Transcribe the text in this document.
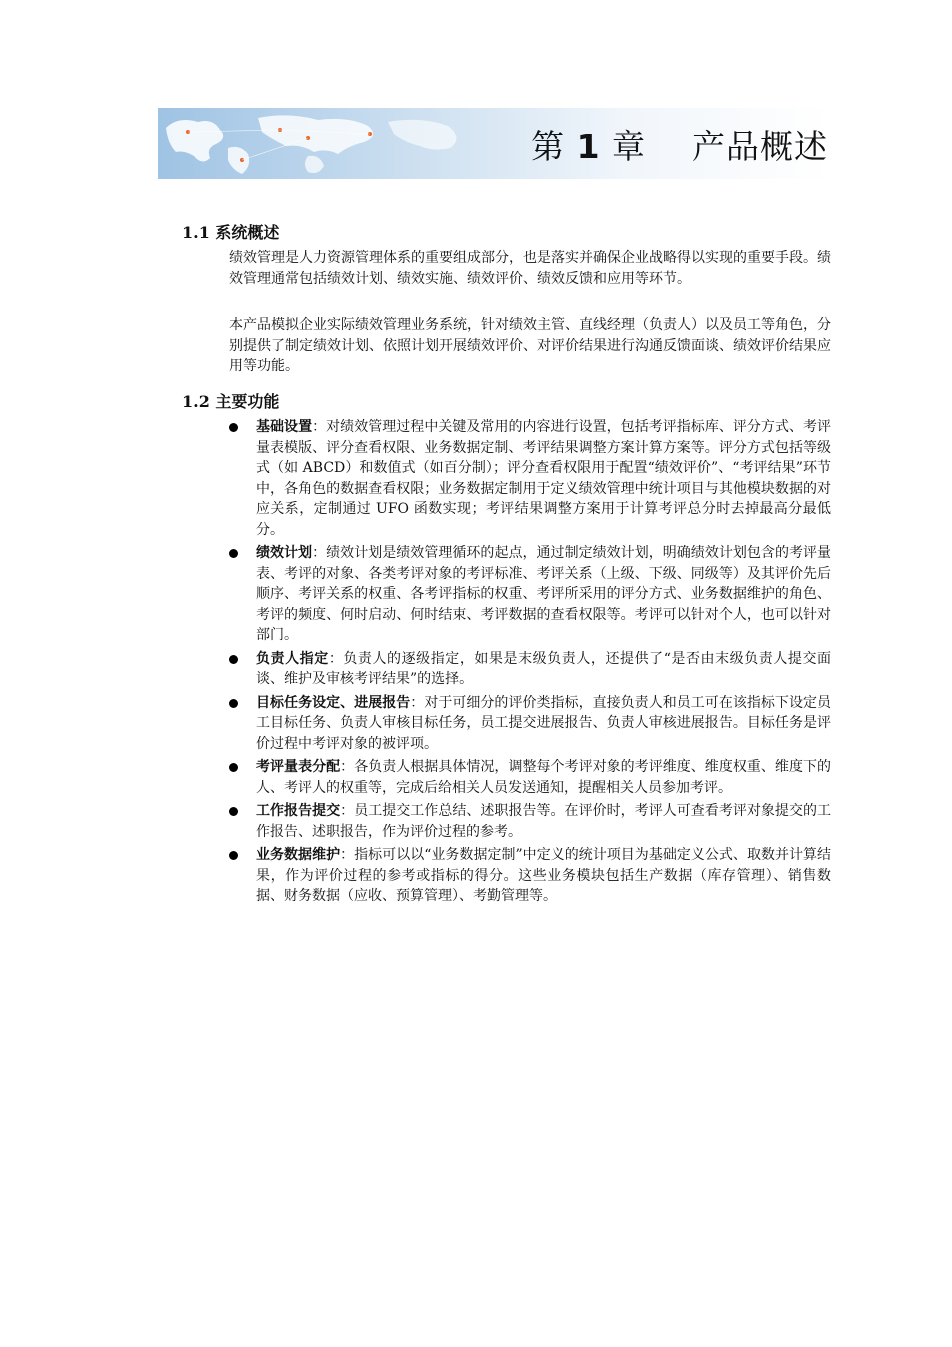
第 1 章 产品概述
1.1 系统概述

绩效管理是人力资源管理体系的重要组成部分，也是落实并确保企业战略得以实现的重要手段。绩效管理通常包括绩效计划、绩效实施、绩效评价、绩效反馈和应用等环节。

本产品模拟企业实际绩效管理业务系统，针对绩效主管、直线经理（负责人）以及员工等角色，分别提供了制定绩效计划、依照计划开展绩效评价、对评价结果进行沟通反馈面谈、绩效评价结果应用等功能。

1.2 主要功能
基础设置：对绩效管理过程中关键及常用的内容进行设置，包括考评指标库、评分方式、考评量表模版、评分查看权限、业务数据定制、考评结果调整方案计算方案等。评分方式包括等级式（如 ABCD）和数值式（如百分制）；评分查看权限用于配置“绩效评价”、“考评结果”环节中，各角色的数据查看权限；业务数据定制用于定义绩效管理中统计项目与其他模块数据的对应关系，定制通过 UFO 函数实现；考评结果调整方案用于计算考评总分时去掉最高分最低分。
绩效计划：绩效计划是绩效管理循环的起点，通过制定绩效计划，明确绩效计划包含的考评量表、考评的对象、各类考评对象的考评标准、考评关系（上级、下级、同级等）及其评价先后顺序、考评关系的权重、各考评指标的权重、考评所采用的评分方式、业务数据维护的角色、考评的频度、何时启动、何时结束、考评数据的查看权限等。考评可以针对个人，也可以针对部门。
负责人指定：负责人的逐级指定，如果是末级负责人，还提供了“是否由末级负责人提交面谈、维护及审核考评结果”的选择。
目标任务设定、进展报告：对于可细分的评价类指标，直接负责人和员工可在该指标下设定员工目标任务、负责人审核目标任务，员工提交进展报告、负责人审核进展报告。目标任务是评价过程中考评对象的被评项。
考评量表分配：各负责人根据具体情况，调整每个考评对象的考评维度、维度权重、维度下的人、考评人的权重等，完成后给相关人员发送通知，提醒相关人员参加考评。
工作报告提交：员工提交工作总结、述职报告等。在评价时，考评人可查看考评对象提交的工作报告、述职报告，作为评价过程的参考。
业务数据维护：指标可以以“业务数据定制”中定义的统计项目为基础定义公式、取数并计算结果，作为评价过程的参考或指标的得分。这些业务模块包括生产数据（库存管理）、销售数据、财务数据（应收、预算管理）、考勤管理等。
